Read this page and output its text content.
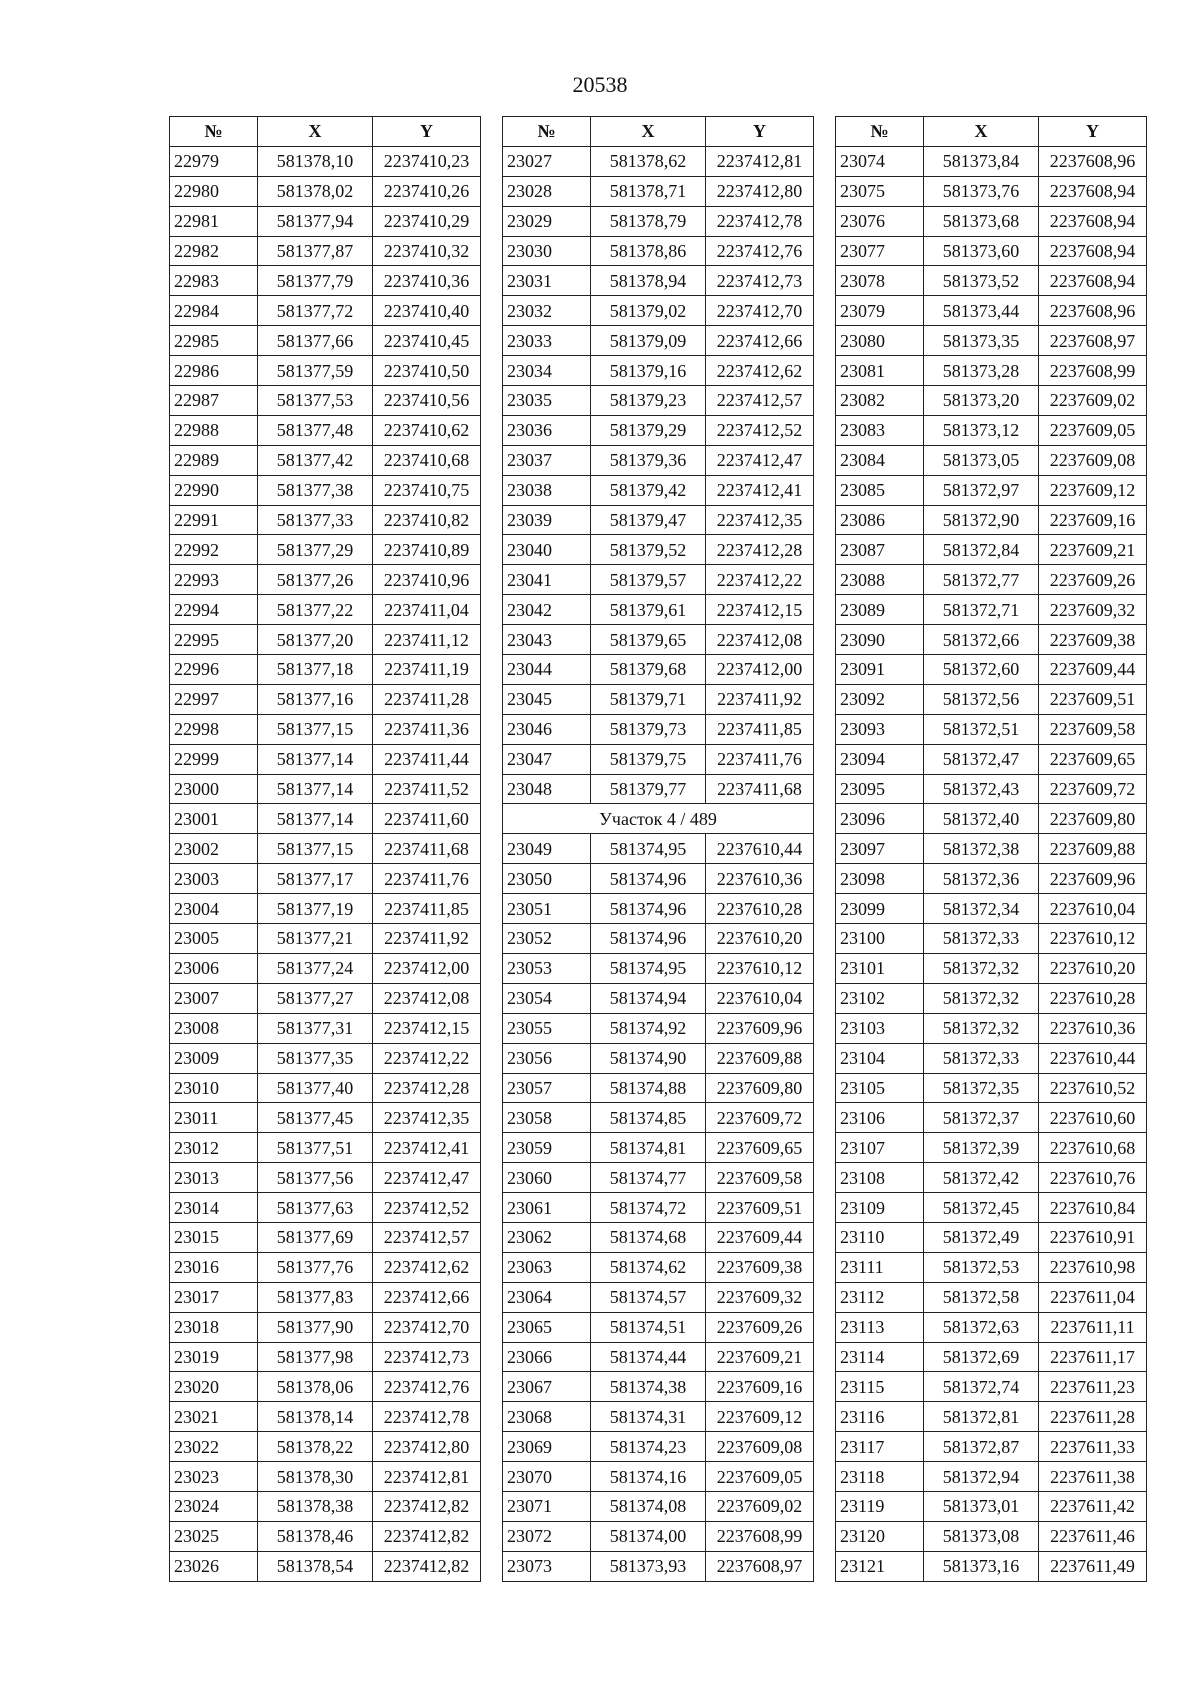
20538
№	X	Y
22979	581378,10	2237410,23
22980	581378,02	2237410,26
22981	581377,94	2237410,29
22982	581377,87	2237410,32
22983	581377,79	2237410,36
22984	581377,72	2237410,40
22985	581377,66	2237410,45
22986	581377,59	2237410,50
22987	581377,53	2237410,56
22988	581377,48	2237410,62
22989	581377,42	2237410,68
22990	581377,38	2237410,75
22991	581377,33	2237410,82
22992	581377,29	2237410,89
22993	581377,26	2237410,96
22994	581377,22	2237411,04
22995	581377,20	2237411,12
22996	581377,18	2237411,19
22997	581377,16	2237411,28
22998	581377,15	2237411,36
22999	581377,14	2237411,44
23000	581377,14	2237411,52
23001	581377,14	2237411,60
23002	581377,15	2237411,68
23003	581377,17	2237411,76
23004	581377,19	2237411,85
23005	581377,21	2237411,92
23006	581377,24	2237412,00
23007	581377,27	2237412,08
23008	581377,31	2237412,15
23009	581377,35	2237412,22
23010	581377,40	2237412,28
23011	581377,45	2237412,35
23012	581377,51	2237412,41
23013	581377,56	2237412,47
23014	581377,63	2237412,52
23015	581377,69	2237412,57
23016	581377,76	2237412,62
23017	581377,83	2237412,66
23018	581377,90	2237412,70
23019	581377,98	2237412,73
23020	581378,06	2237412,76
23021	581378,14	2237412,78
23022	581378,22	2237412,80
23023	581378,30	2237412,81
23024	581378,38	2237412,82
23025	581378,46	2237412,82
23026	581378,54	2237412,82
№	X	Y
23027	581378,62	2237412,81
23028	581378,71	2237412,80
23029	581378,79	2237412,78
23030	581378,86	2237412,76
23031	581378,94	2237412,73
23032	581379,02	2237412,70
23033	581379,09	2237412,66
23034	581379,16	2237412,62
23035	581379,23	2237412,57
23036	581379,29	2237412,52
23037	581379,36	2237412,47
23038	581379,42	2237412,41
23039	581379,47	2237412,35
23040	581379,52	2237412,28
23041	581379,57	2237412,22
23042	581379,61	2237412,15
23043	581379,65	2237412,08
23044	581379,68	2237412,00
23045	581379,71	2237411,92
23046	581379,73	2237411,85
23047	581379,75	2237411,76
23048	581379,77	2237411,68
Участок 4 / 489		
23049	581374,95	2237610,44
23050	581374,96	2237610,36
23051	581374,96	2237610,28
23052	581374,96	2237610,20
23053	581374,95	2237610,12
23054	581374,94	2237610,04
23055	581374,92	2237609,96
23056	581374,90	2237609,88
23057	581374,88	2237609,80
23058	581374,85	2237609,72
23059	581374,81	2237609,65
23060	581374,77	2237609,58
23061	581374,72	2237609,51
23062	581374,68	2237609,44
23063	581374,62	2237609,38
23064	581374,57	2237609,32
23065	581374,51	2237609,26
23066	581374,44	2237609,21
23067	581374,38	2237609,16
23068	581374,31	2237609,12
23069	581374,23	2237609,08
23070	581374,16	2237609,05
23071	581374,08	2237609,02
23072	581374,00	2237608,99
23073	581373,93	2237608,97
№	X	Y
23074	581373,84	2237608,96
23075	581373,76	2237608,94
23076	581373,68	2237608,94
23077	581373,60	2237608,94
23078	581373,52	2237608,94
23079	581373,44	2237608,96
23080	581373,35	2237608,97
23081	581373,28	2237608,99
23082	581373,20	2237609,02
23083	581373,12	2237609,05
23084	581373,05	2237609,08
23085	581372,97	2237609,12
23086	581372,90	2237609,16
23087	581372,84	2237609,21
23088	581372,77	2237609,26
23089	581372,71	2237609,32
23090	581372,66	2237609,38
23091	581372,60	2237609,44
23092	581372,56	2237609,51
23093	581372,51	2237609,58
23094	581372,47	2237609,65
23095	581372,43	2237609,72
23096	581372,40	2237609,80
23097	581372,38	2237609,88
23098	581372,36	2237609,96
23099	581372,34	2237610,04
23100	581372,33	2237610,12
23101	581372,32	2237610,20
23102	581372,32	2237610,28
23103	581372,32	2237610,36
23104	581372,33	2237610,44
23105	581372,35	2237610,52
23106	581372,37	2237610,60
23107	581372,39	2237610,68
23108	581372,42	2237610,76
23109	581372,45	2237610,84
23110	581372,49	2237610,91
23111	581372,53	2237610,98
23112	581372,58	2237611,04
23113	581372,63	2237611,11
23114	581372,69	2237611,17
23115	581372,74	2237611,23
23116	581372,81	2237611,28
23117	581372,87	2237611,33
23118	581372,94	2237611,38
23119	581373,01	2237611,42
23120	581373,08	2237611,46
23121	581373,16	2237611,49
